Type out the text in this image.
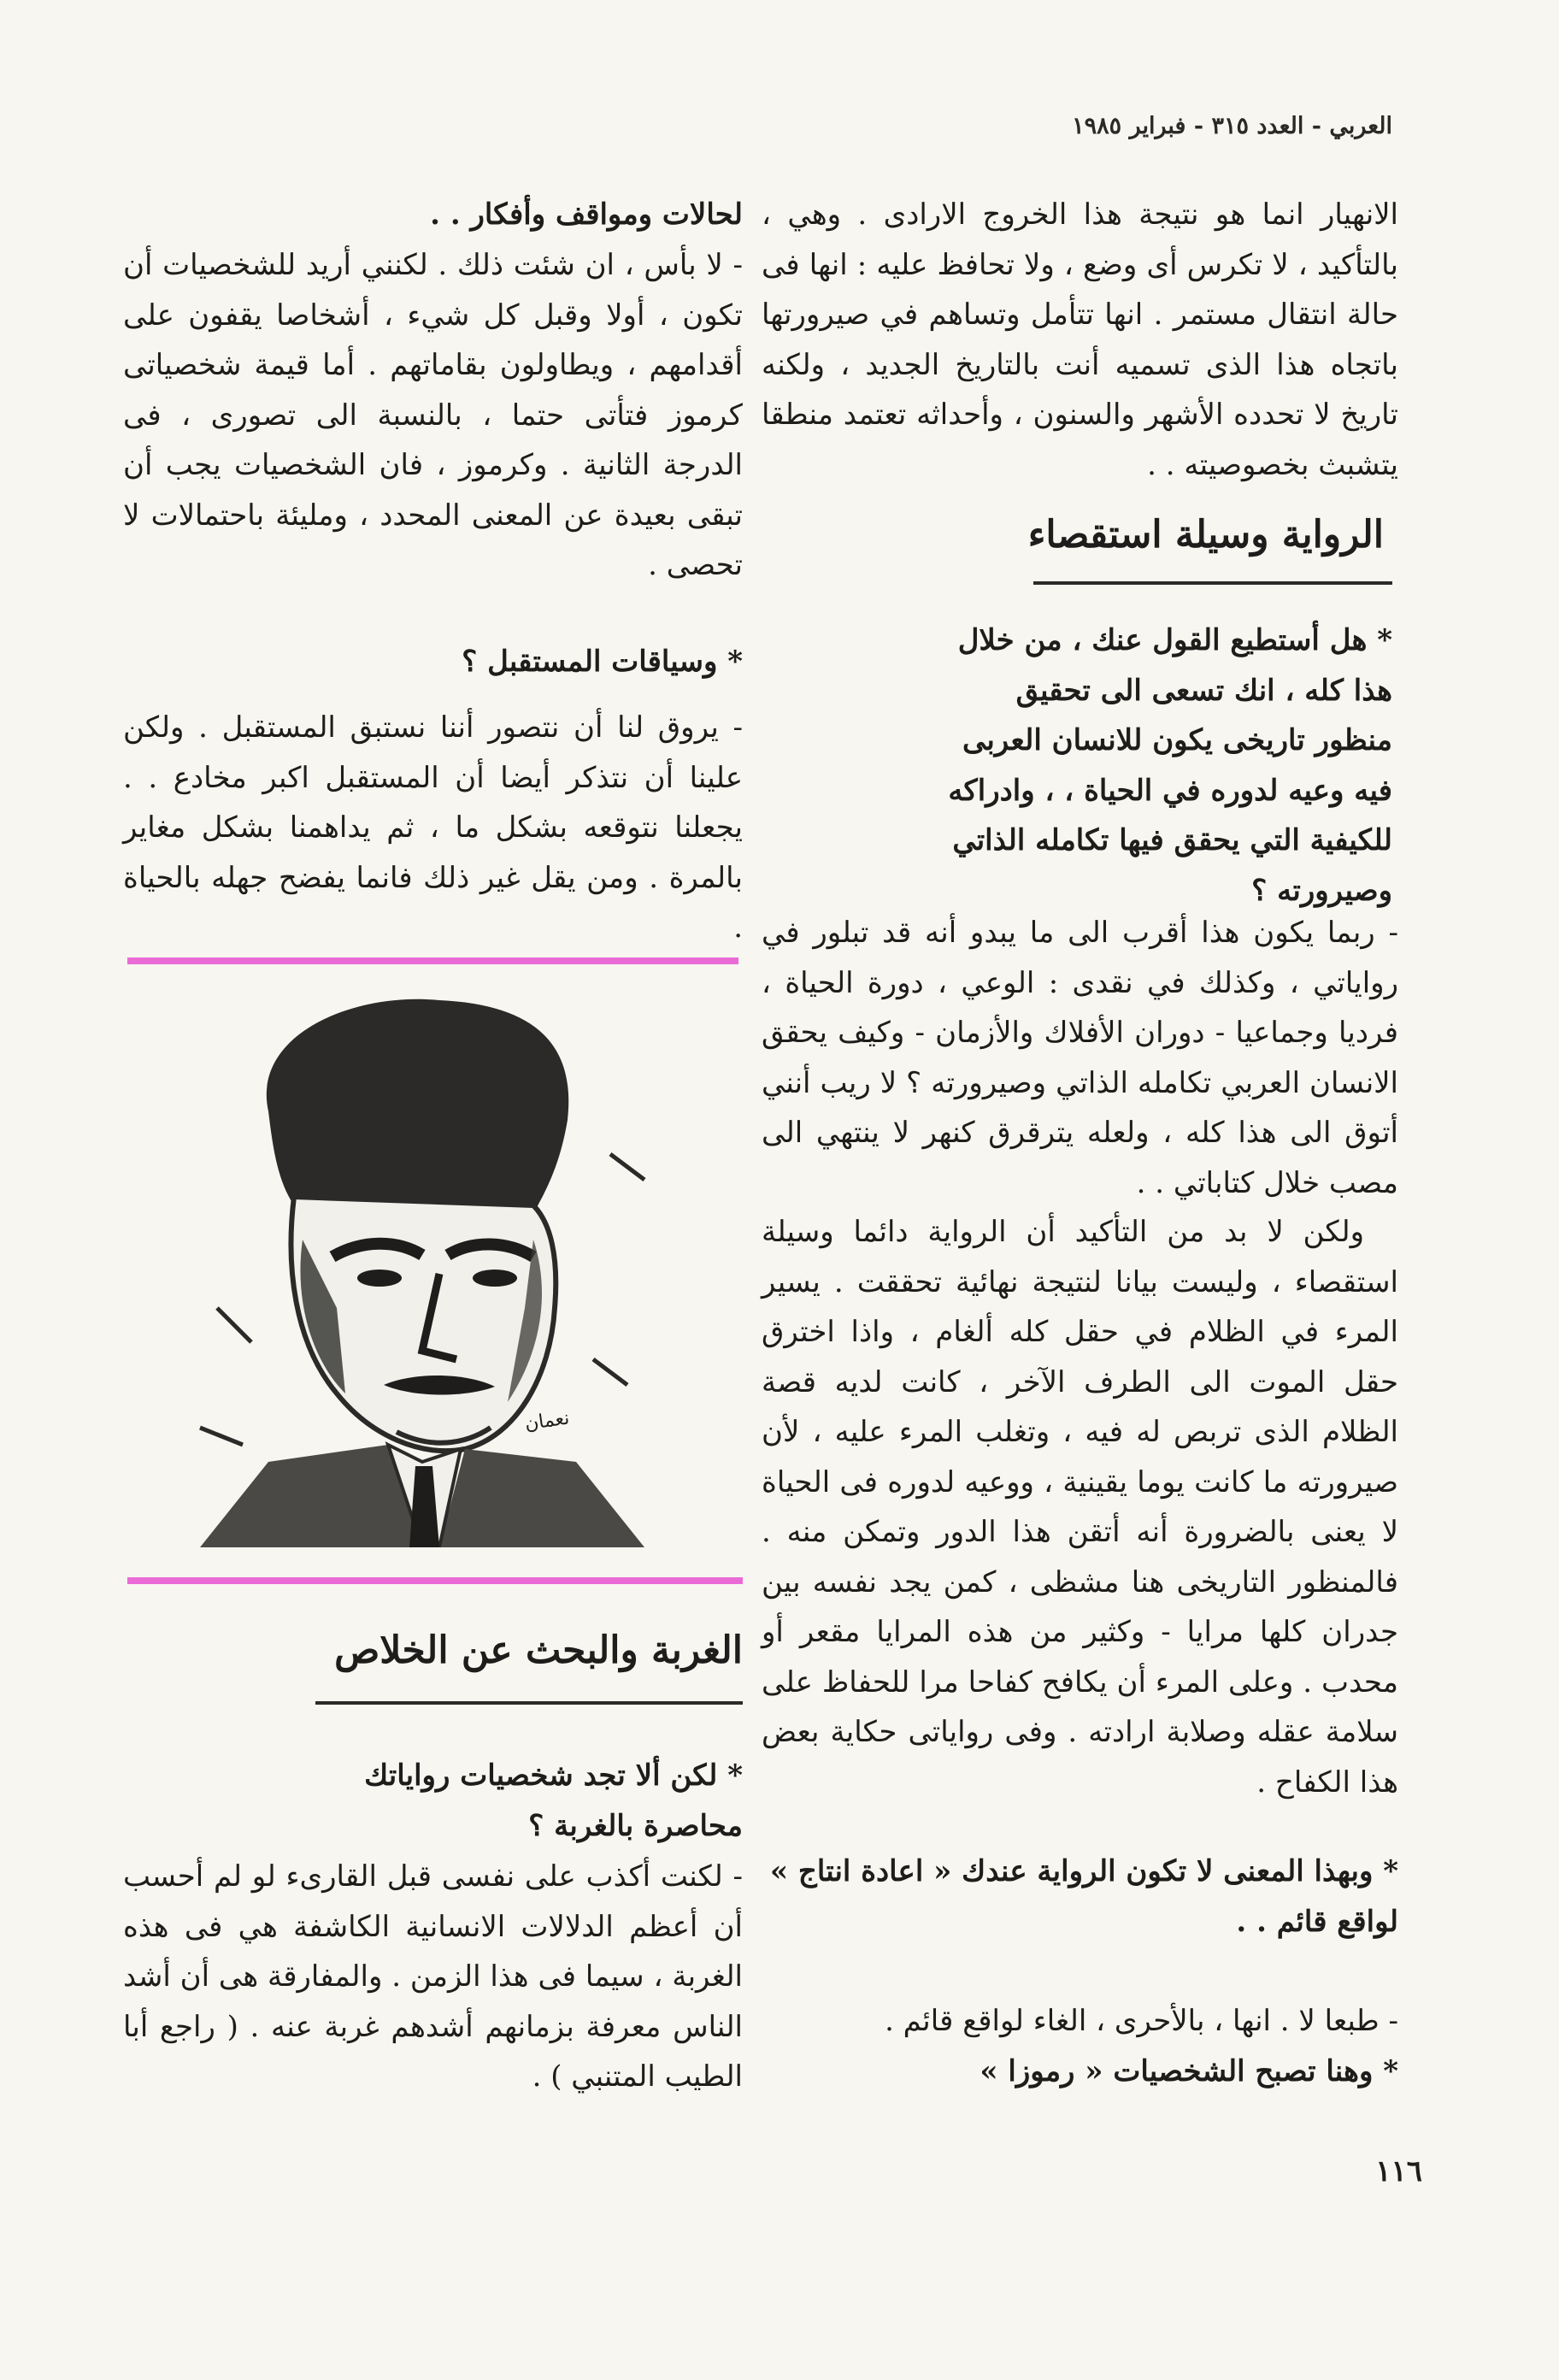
العربي - العدد ٣١٥ - فبراير ١٩٨٥

الانهيار انما هو نتيجة هذا الخروج الارادى . وهي ، بالتأكيد ، لا تكرس أى وضع ، ولا تحافظ عليه : انها فى حالة انتقال مستمر . انها تتأمل وتساهم في صيرورتها باتجاه هذا الذى تسميه أنت بالتاريخ الجديد ، ولكنه تاريخ لا تحدده الأشهر والسنون ، وأحداثه تعتمد منطقا يتشبث بخصوصيته . .

الرواية وسيلة استقصاء

* هل أستطيع القول عنك ، من خلال هذا كله ، انك تسعى الى تحقيق منظور تاريخى يكون للانسان العربى فيه وعيه لدوره في الحياة ، ، وادراكه للكيفية التي يحقق فيها تكامله الذاتي وصيرورته ؟

- ربما يكون هذا أقرب الى ما يبدو أنه قد تبلور في رواياتي ، وكذلك في نقدى : الوعي ، دورة الحياة ، فرديا وجماعيا - دوران الأفلاك والأزمان - وكيف يحقق الانسان العربي تكامله الذاتي وصيرورته ؟ لا ريب أنني أتوق الى هذا كله ، ولعله يترقرق كنهر لا ينتهي الى مصب خلال كتاباتي . .

ولكن لا بد من التأكيد أن الرواية دائما وسيلة استقصاء ، وليست بيانا لنتيجة نهائية تحققت . يسير المرء في الظلام في حقل كله ألغام ، واذا اخترق حقل الموت الى الطرف الآخر ، كانت لديه قصة الظلام الذى تربص له فيه ، وتغلب المرء عليه ، لأن صيرورته ما كانت يوما يقينية ، ووعيه لدوره فى الحياة لا يعنى بالضرورة أنه أتقن هذا الدور وتمكن منه . فالمنظور التاريخى هنا مشظى ، كمن يجد نفسه بين جدران كلها مرايا - وكثير من هذه المرايا مقعر أو محدب . وعلى المرء أن يكافح كفاحا مرا للحفاظ على سلامة عقله وصلابة ارادته . وفى رواياتى حكاية بعض هذا الكفاح .

* وبهذا المعنى لا تكون الرواية عندك « اعادة انتاج » لواقع قائم . .

- طبعا لا . انها ، بالأحرى ، الغاء لواقع قائم .

* وهنا تصبح الشخصيات « رموزا »

لحالات ومواقف وأفكار . .

- لا بأس ، ان شئت ذلك . لكنني أريد للشخصيات أن تكون ، أولا وقبل كل شيء ، أشخاصا يقفون على أقدامهم ، ويطاولون بقاماتهم . أما قيمة شخصياتى كرموز فتأتى حتما ، بالنسبة الى تصورى ، فى الدرجة الثانية . وكرموز ، فان الشخصيات يجب أن تبقى بعيدة عن المعنى المحدد ، ومليئة باحتمالات لا تحصى .

* وسياقات المستقبل ؟

- يروق لنا أن نتصور أننا نستبق المستقبل . ولكن علينا أن نتذكر أيضا أن المستقبل اكبر مخادع . . يجعلنا نتوقعه بشكل ما ، ثم يداهمنا بشكل مغاير بالمرة . ومن يقل غير ذلك فانما يفضح جهله بالحياة .

نعمان
الغربة والبحث عن الخلاص

* لكن ألا تجد شخصيات رواياتك محاصرة بالغربة ؟

- لكنت أكذب على نفسى قبل القارىء لو لم أحسب أن أعظم الدلالات الانسانية الكاشفة هي فى هذه الغربة ، سيما فى هذا الزمن . والمفارقة هى أن أشد الناس معرفة بزمانهم أشدهم غربة عنه . ( راجع أبا الطيب المتنبي ) .

١١٦
